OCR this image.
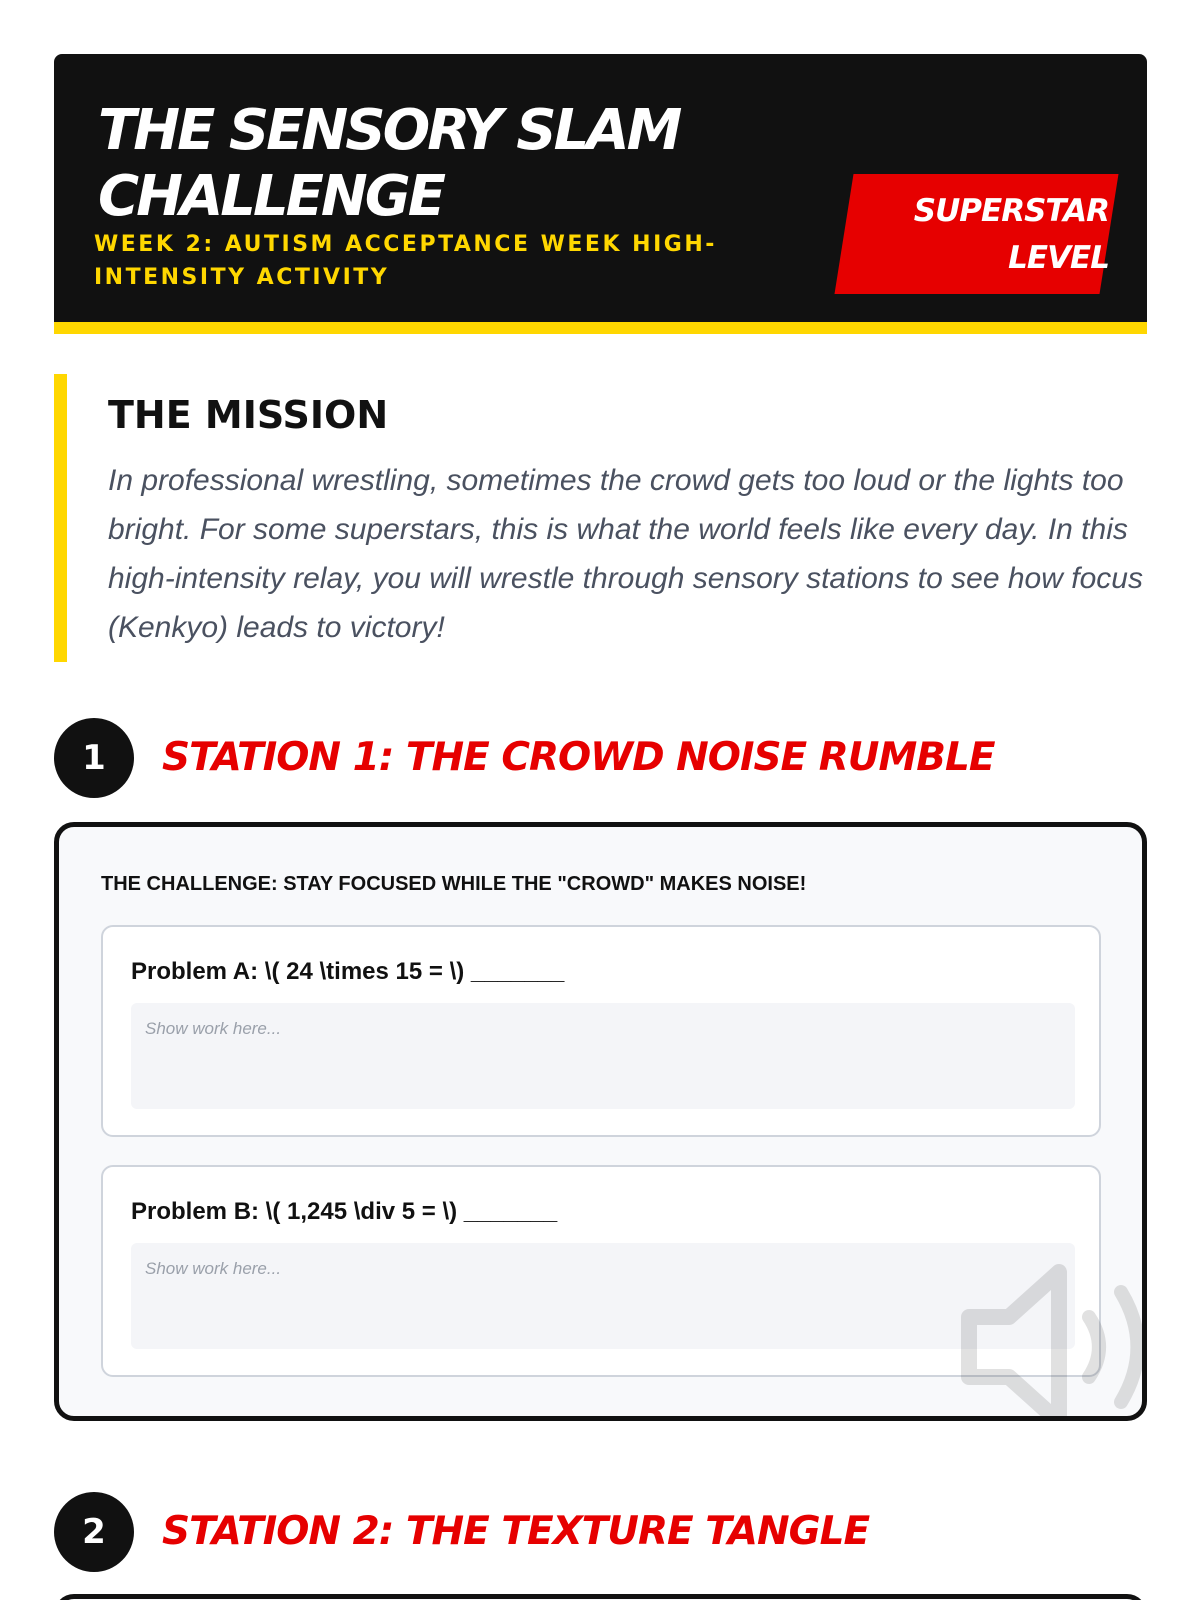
THE SENSORY SLAM CHALLENGE
WEEK 2: AUTISM ACCEPTANCE WEEK HIGH-INTENSITY ACTIVITY
SUPERSTAR LEVEL
THE MISSION

In professional wrestling, sometimes the crowd gets too loud or the lights too bright. For some superstars, this is what the world feels like every day. In this high-intensity relay, you will wrestle through sensory stations to see how focus (Kenkyo) leads to victory!

1	STATION 1: THE CROWD NOISE RUMBLE
THE CHALLENGE: STAY FOCUSED WHILE THE "CROWD" MAKES NOISE!
Problem A: \( 24 \times 15 = \) _______
Show work here...
Problem B: \( 1,245 \div 5 = \) _______
Show work here...
2	STATION 2: THE TEXTURE TANGLE
